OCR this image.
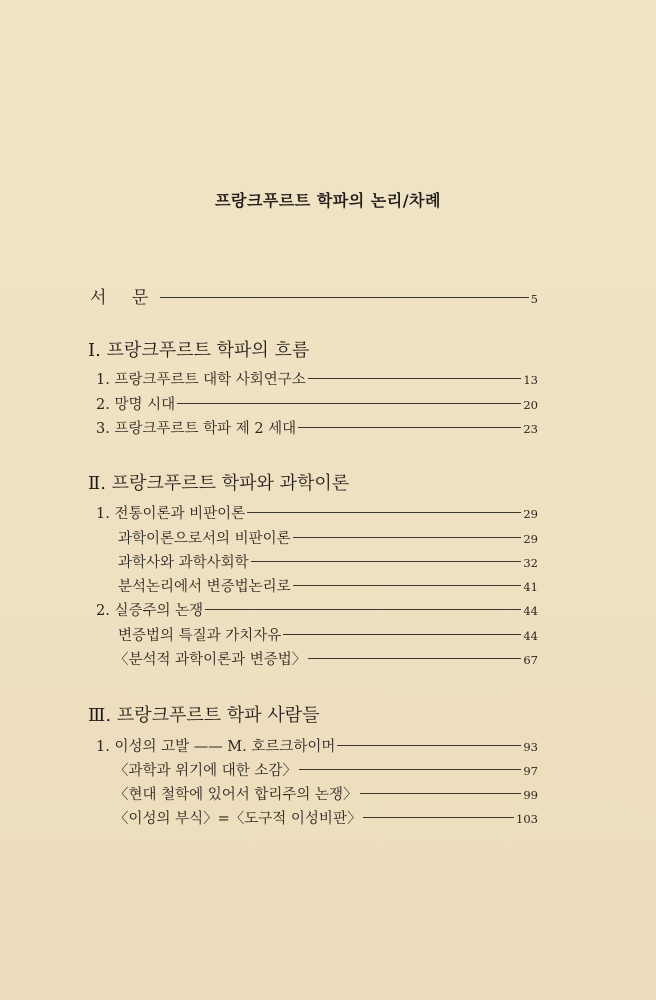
프랑크푸르트 학파의 논리/차례
서 문	5
Ⅰ. 프랑크푸르트 학파의 흐름
1. 프랑크푸르트 대학 사회연구소	13
2. 망명 시대	20
3. 프랑크푸르트 학파 제 2 세대	23
Ⅱ. 프랑크푸르트 학파와 과학이론
1. 전통이론과 비판이론	29
과학이론으로서의 비판이론	29
과학사와 과학사회학	32
분석논리에서 변증법논리로	41
2. 실증주의 논쟁	44
변증법의 특질과 가치자유	44
〈분석적 과학이론과 변증법〉	67
Ⅲ. 프랑크푸르트 학파 사람들
1. 이성의 고발 —— M. 호르크하이머	93
〈과학과 위기에 대한 소감〉	97
〈현대 철학에 있어서 합리주의 논쟁〉	99
〈이성의 부식〉=〈도구적 이성비판〉	103
